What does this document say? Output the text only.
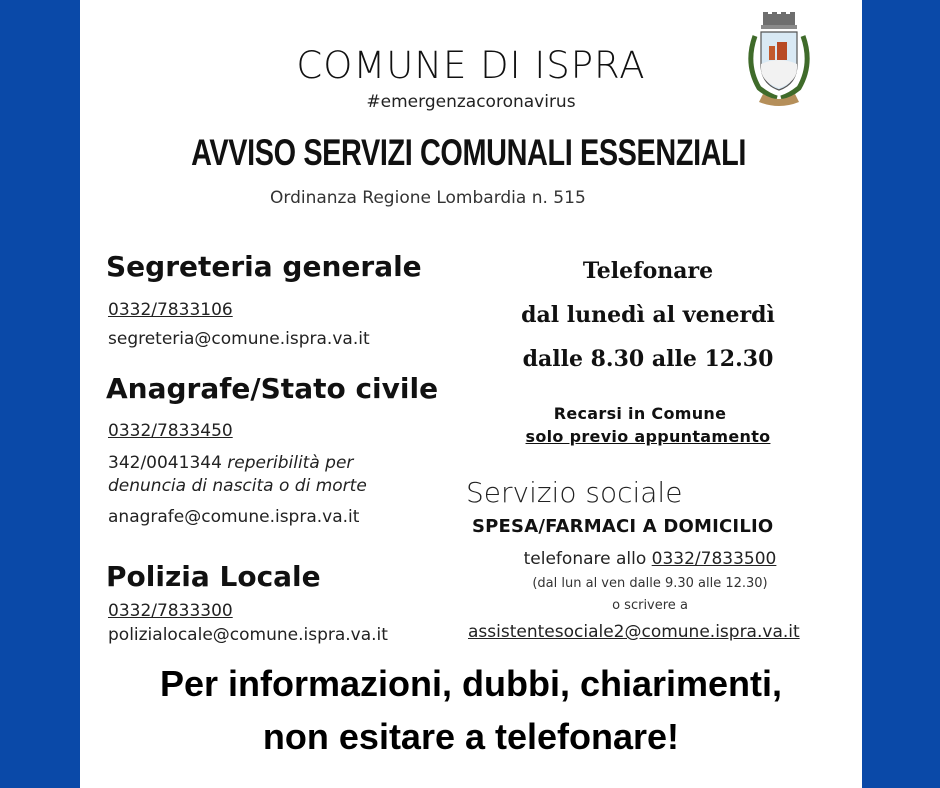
COMUNE DI ISPRA
#emergenzacoronavirus
AVVISO SERVIZI COMUNALI ESSENZIALI
Ordinanza Regione Lombardia n. 515
Segreteria generale
0332/7833106
segreteria@comune.ispra.va.it
Anagrafe/Stato civile
0332/7833450
342/0041344 reperibilità per
denuncia di nascita o di morte
anagrafe@comune.ispra.va.it
Polizia Locale
0332/7833300
polizialocale@comune.ispra.va.it
Telefonare
dal lunedì al venerdì
dalle 8.30 alle 12.30
Recarsi in Comune
solo previo appuntamento
Servizio sociale
SPESA/FARMACI A DOMICILIO
telefonare allo 0332/7833500
(dal lun al ven dalle 9.30 alle 12.30)
o scrivere a
assistentesociale2@comune.ispra.va.it
Per informazioni, dubbi, chiarimenti,
non esitare a telefonare!
